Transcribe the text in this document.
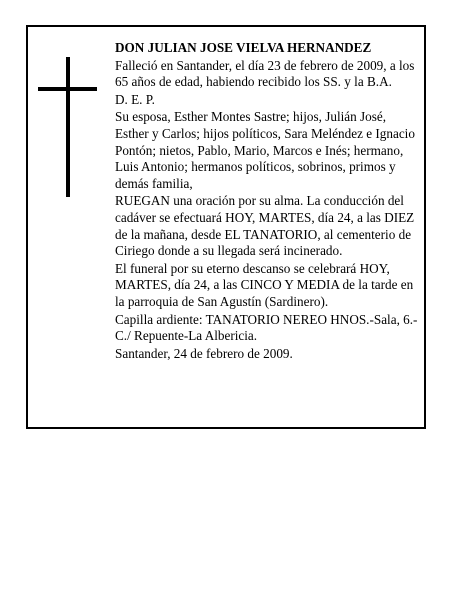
DON JULIAN JOSE VIELVA HERNANDEZ

Falleció en Santander, el día 23 de febrero de 2009, a los 65 años de edad, habiendo recibido los SS. y la B.A.

D. E. P.

Su esposa, Esther Montes Sastre; hijos, Julián José, Esther y Carlos; hijos políticos, Sara Meléndez e Ignacio Pontón; nietos, Pablo, Mario, Marcos e Inés; hermano, Luis Antonio; hermanos políticos, sobrinos, primos y demás familia,

RUEGAN una oración por su alma. La conducción del cadáver se efectuará HOY, MARTES, día 24, a las DIEZ de la mañana, desde EL TANATORIO, al cementerio de Ciriego donde a su llegada será incinerado.

El funeral por su eterno descanso se celebrará HOY, MARTES, día 24, a las CINCO Y MEDIA de la tarde en la parroquia de San Agustín (Sardinero).

Capilla ardiente: TANATORIO NEREO HNOS.-Sala, 6.-C./ Repuente-La Albericia.

Santander, 24 de febrero de 2009.
